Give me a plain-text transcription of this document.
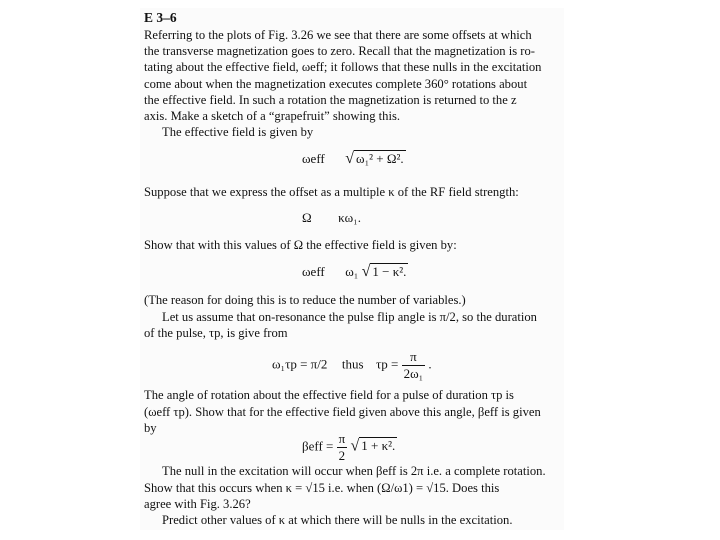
E 3–6
Referring to the plots of Fig. 3.26 we see that there are some offsets at which
the transverse magnetization goes to zero. Recall that the magnetization is ro-
tating about the effective field, ωeff; it follows that these nulls in the excitation
come about when the magnetization executes complete 360° rotations about
the effective field. In such a rotation the magnetization is returned to the z
axis. Make a sketch of a “grapefruit” showing this.
The effective field is given by
ωeff √ ω₁² + Ω².
Suppose that we express the offset as a multiple κ of the RF field strength:
Ω κω₁.
Show that with this values of Ω the effective field is given by:
ωeff ω₁ √ 1 − κ².
(The reason for doing this is to reduce the number of variables.)
Let us assume that on-resonance the pulse flip angle is π/2, so the duration
of the pulse, τp, is give from
ω₁τp = π/2 thus $\tau p = \frac{\pi}{\text{2ω₁}}$ .
The angle of rotation about the effective field for a pulse of duration τp is
(ωeff τp). Show that for the effective field given above this angle, βeff is given
by
$\beta eff = \frac{\pi}{2}$ √ 1 + κ².
The null in the excitation will occur when βeff is 2π i.e. a complete rotation.
Show that this occurs when κ = √15 i.e. when (Ω/ω1) = √15. Does this
agree with Fig. 3.26?
Predict other values of κ at which there will be nulls in the excitation.
